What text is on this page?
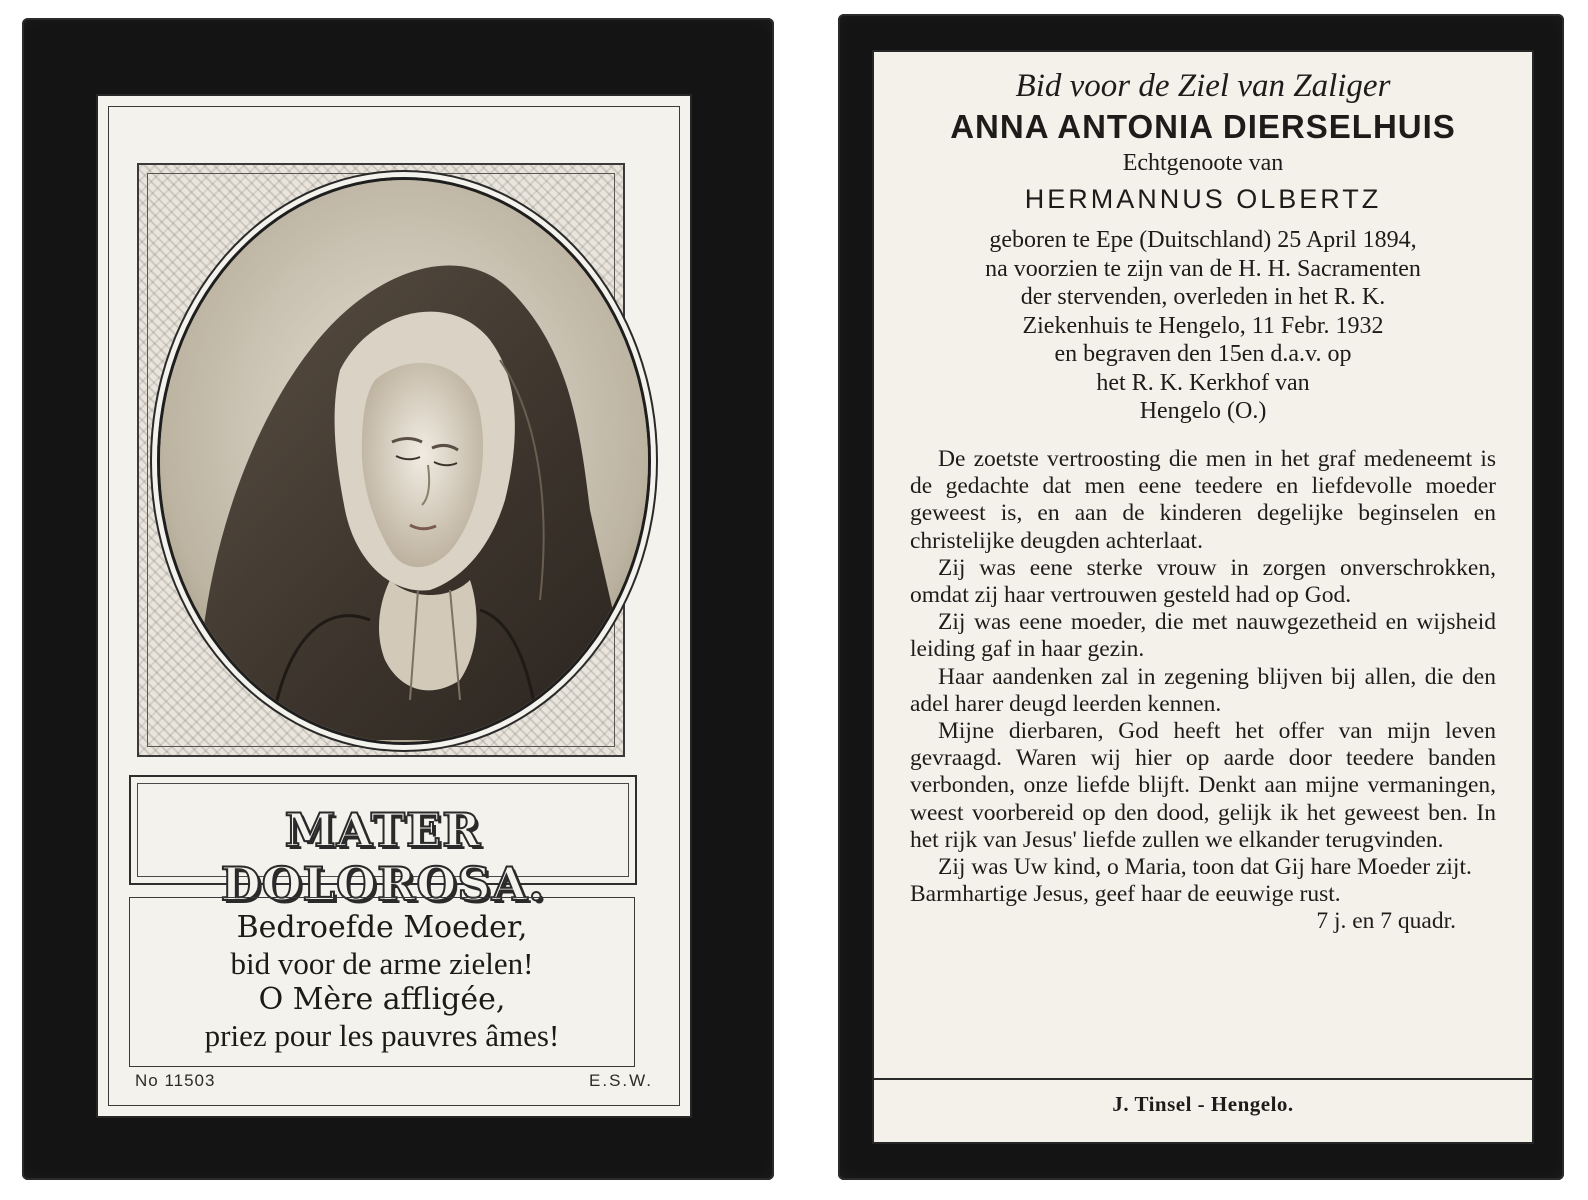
MATER DOLOROSA.
Bedroefde Moeder,
bid voor de arme zielen!
O Mère affligée,
priez pour les pauvres âmes!
No 11503	E.S.W.
Bid voor de Ziel van Zaliger
ANNA ANTONIA DIERSELHUIS
Echtgenoote van
HERMANNUS OLBERTZ
geboren te Epe (Duitschland) 25 April 1894,
na voorzien te zijn van de H. H. Sacramenten
der stervenden, overleden in het R. K.
Ziekenhuis te Hengelo, 11 Febr. 1932
en begraven den 15en d.a.v. op
het R. K. Kerkhof van
Hengelo (O.)

De zoetste vertroosting die men in het graf medeneemt is de gedachte dat men eene teedere en liefdevolle moeder geweest is, en aan de kinderen degelijke beginselen en christelijke deugden achterlaat.

Zij was eene sterke vrouw in zorgen onverschrokken, omdat zij haar vertrouwen gesteld had op God.

Zij was eene moeder, die met nauwgezetheid en wijsheid leiding gaf in haar gezin.

Haar aandenken zal in zegening blijven bij allen, die den adel harer deugd leerden kennen.

Mijne dierbaren, God heeft het offer van mijn leven gevraagd. Waren wij hier op aarde door teedere banden verbonden, onze liefde blijft. Denkt aan mijne vermaningen, weest voorbereid op den dood, gelijk ik het geweest ben. In het rijk van Jesus' liefde zullen we elkander terugvinden.

Zij was Uw kind, o Maria, toon dat Gij hare Moeder zijt.

Barmhartige Jesus, geef haar de eeuwige rust.

7 j. en 7 quadr.

J. Tinsel - Hengelo.
